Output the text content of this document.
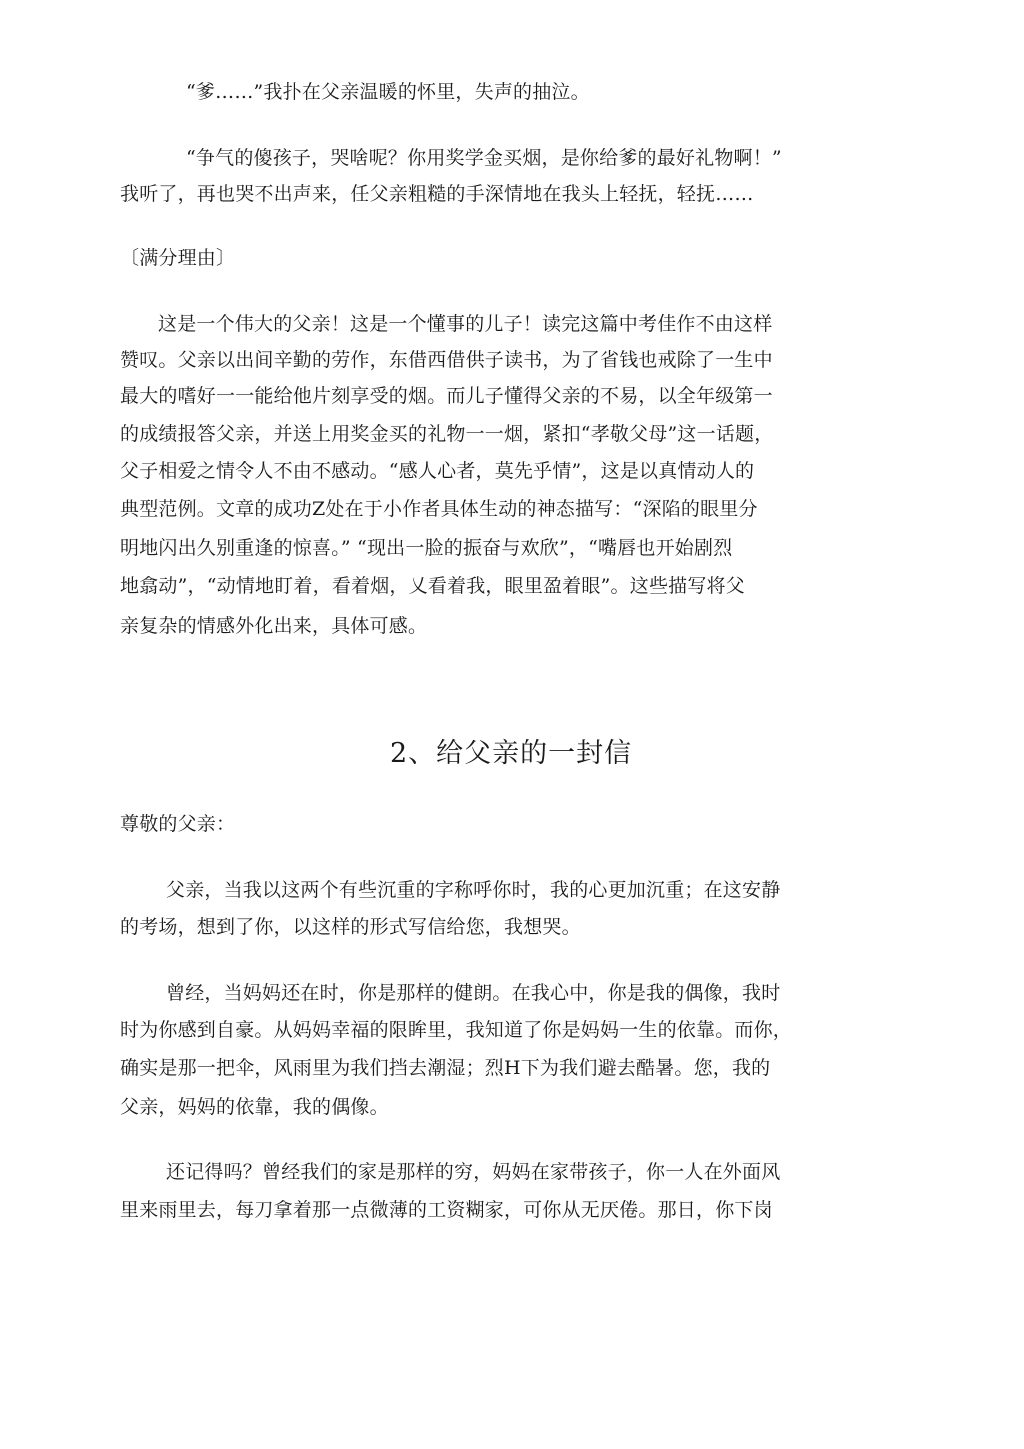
“爹……”我扑在父亲温暖的怀里，失声的抽泣。
“争气的傻孩子，哭啥呢？你用奖学金买烟，是你给爹的最好礼物啊！”
我听了，再也哭不出声来，任父亲粗糙的手深情地在我头上轻抚，轻抚……
〔满分理由〕
这是一个伟大的父亲！这是一个懂事的儿子！读完这篇中考佳作不由这样
赞叹。父亲以出间辛勤的劳作，东借西借供子读书，为了省钱也戒除了一生中
最大的嗜好一一能给他片刻享受的烟。而儿子懂得父亲的不易，以全年级第一
的成绩报答父亲，并送上用奖金买的礼物一一烟，紧扣“孝敬父母”这一话题，
父子相爱之情令人不由不感动。“感人心者，莫先乎情”，这是以真情动人的
典型范例。文章的成功Z处在于小作者具体生动的神态描写：“深陷的眼里分
明地闪出久别重逢的惊喜。” “现出一脸的振奋与欢欣”，“嘴唇也开始剧烈
地翕动”，“动情地盯着，看着烟，乂看着我，眼里盈着眼”。这些描写将父
亲复杂的情感外化出来，具体可感。
2、给父亲的一封信
尊敬的父亲：
父亲，当我以这两个有些沉重的字称呼你时，我的心更加沉重；在这安静
的考场，想到了你，以这样的形式写信给您，我想哭。
曾经，当妈妈还在时，你是那样的健朗。在我心中，你是我的偶像，我时
时为你感到自豪。从妈妈幸福的限眸里，我知道了你是妈妈一生的依靠。而你，
确实是那一把伞，风雨里为我们挡去潮湿；烈H下为我们避去酷暑。您，我的
父亲，妈妈的依靠，我的偶像。
还记得吗？曾经我们的家是那样的穷，妈妈在家带孩子，你一人在外面风
里来雨里去，每刀拿着那一点微薄的工资糊家，可你从无厌倦。那日，你下岗
